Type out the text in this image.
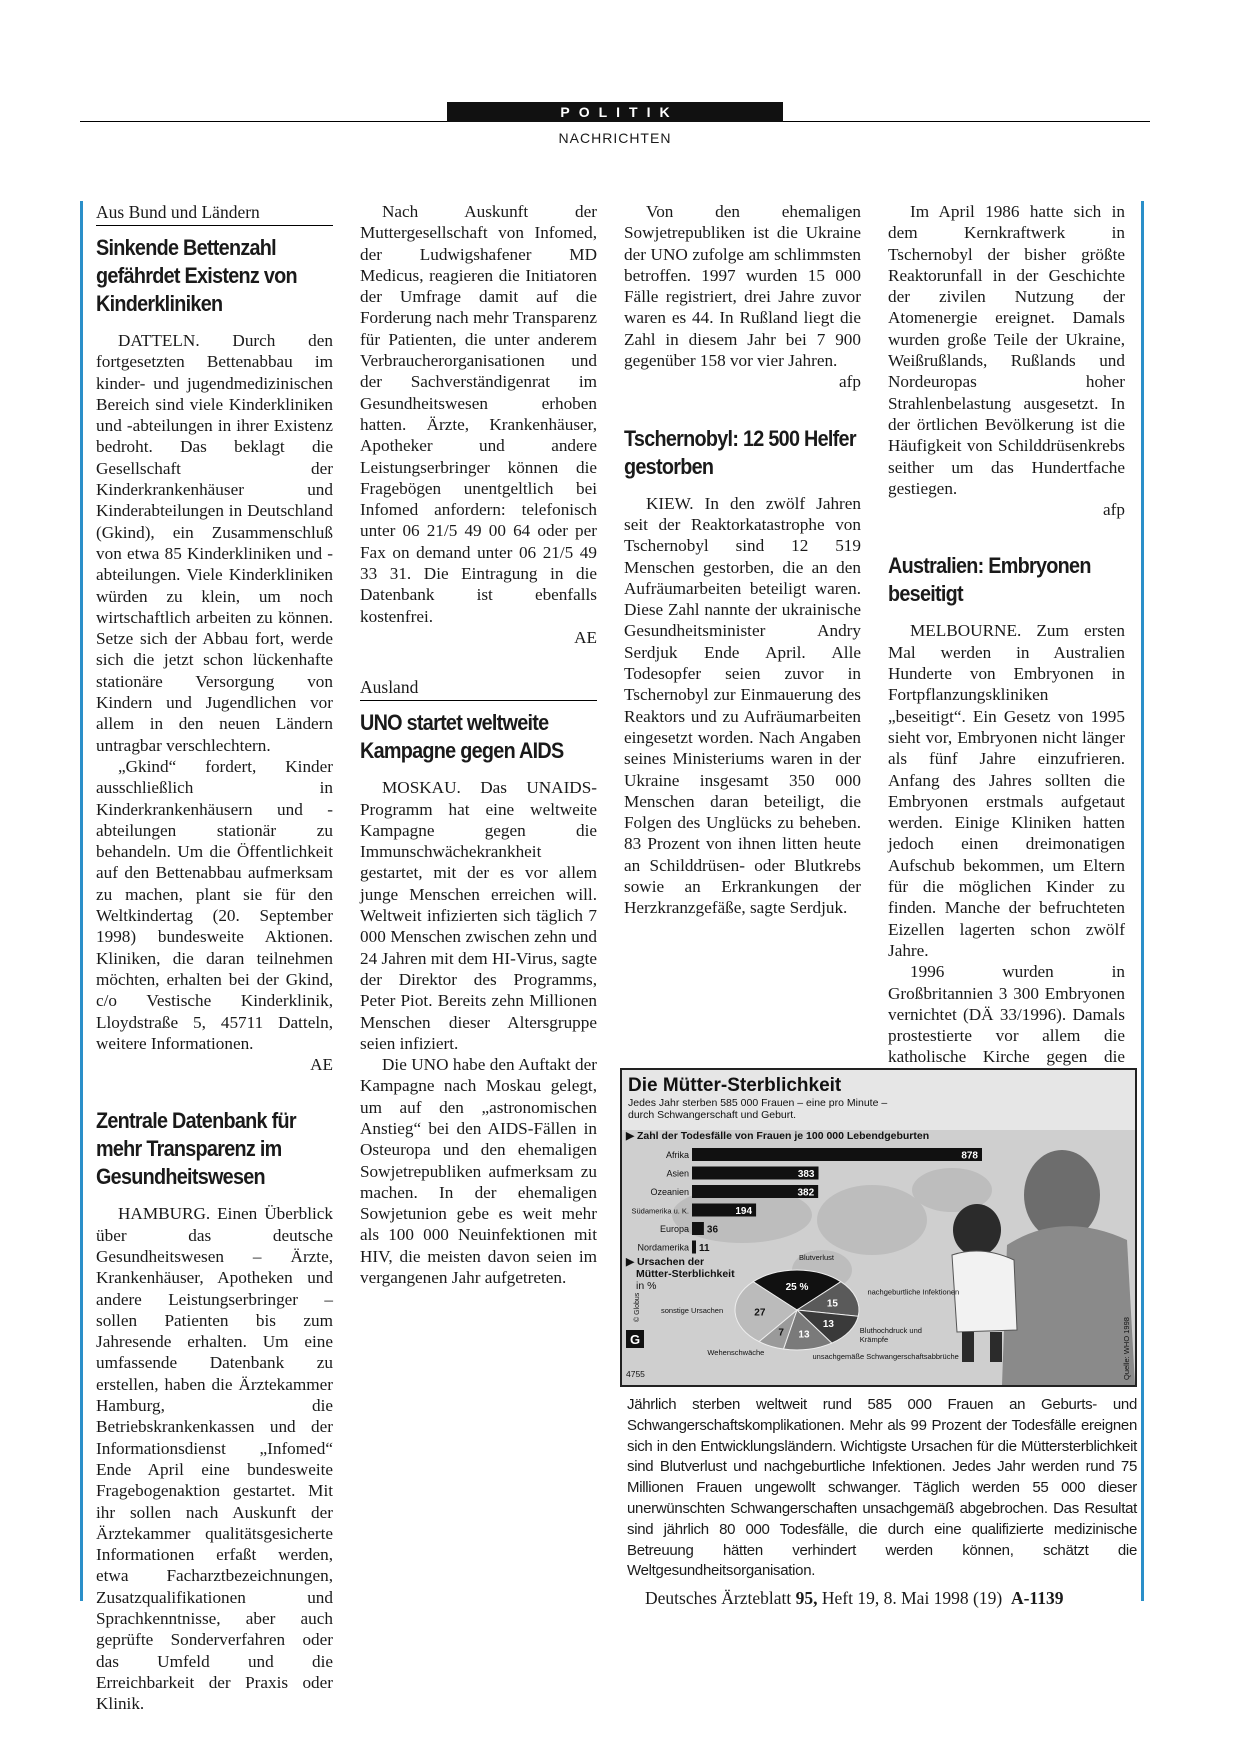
POLITIK
NACHRICHTEN
Aus Bund und Ländern
Sinkende Bettenzahl gefährdet Existenz von Kinderkliniken

DATTELN. Durch den fortgesetzten Bettenabbau im kinder- und jugendmedizinischen Bereich sind viele Kinderkliniken und -abteilungen in ihrer Existenz bedroht. Das beklagt die Gesellschaft der Kinderkrankenhäuser und Kinderabteilungen in Deutschland (Gkind), ein Zusammenschluß von etwa 85 Kinderkliniken und -abteilungen. Viele Kinderkliniken würden zu klein, um noch wirtschaftlich arbeiten zu können. Setze sich der Abbau fort, werde sich die jetzt schon lückenhafte stationäre Versorgung von Kindern und Jugendlichen vor allem in den neuen Ländern untragbar verschlechtern.

„Gkind“ fordert, Kinder ausschließlich in Kinderkrankenhäusern und -abteilungen stationär zu behandeln. Um die Öffentlichkeit auf den Bettenabbau aufmerksam zu machen, plant sie für den Weltkindertag (20. September 1998) bundesweite Aktionen. Kliniken, die daran teilnehmen möchten, erhalten bei der Gkind, c/o Vestische Kinderklinik, Lloydstraße 5, 45711 Datteln, weitere Informationen.

AE

Zentrale Datenbank für mehr Transparenz im Gesundheitswesen

HAMBURG. Einen Überblick über das deutsche Gesundheitswesen – Ärzte, Krankenhäuser, Apotheken und andere Leistungserbringer – sollen Patienten bis zum Jahresende erhalten. Um eine umfassende Datenbank zu erstellen, haben die Ärztekammer Hamburg, die Betriebskrankenkassen und der Informationsdienst „Infomed“ Ende April eine bundesweite Fragebogenaktion gestartet. Mit ihr sollen nach Auskunft der Ärztekammer qualitätsgesicherte Informationen erfaßt werden, etwa Facharztbezeichnungen, Zusatzqualifikationen und Sprachkenntnisse, aber auch geprüfte Sonderverfahren oder das Umfeld und die Erreichbarkeit der Praxis oder Klinik.

Nach Auskunft der Muttergesellschaft von Infomed, der Ludwigshafener MD Medicus, reagieren die Initiatoren der Umfrage damit auf die Forderung nach mehr Transparenz für Patienten, die unter anderem Verbraucherorganisationen und der Sachverständigenrat im Gesundheitswesen erhoben hatten. Ärzte, Krankenhäuser, Apotheker und andere Leistungserbringer können die Fragebögen unentgeltlich bei Infomed anfordern: telefonisch unter 06 21/5 49 00 64 oder per Fax on demand unter 06 21/5 49 33 31. Die Eintragung in die Datenbank ist ebenfalls kostenfrei.

AE

Ausland
UNO startet weltweite Kampagne gegen AIDS

MOSKAU. Das UNAIDS-Programm hat eine weltweite Kampagne gegen die Immunschwächekrankheit gestartet, mit der es vor allem junge Menschen erreichen will. Weltweit infizierten sich täglich 7 000 Menschen zwischen zehn und 24 Jahren mit dem HI-Virus, sagte der Direktor des Programms, Peter Piot. Bereits zehn Millionen Menschen dieser Altersgruppe seien infiziert.

Die UNO habe den Auftakt der Kampagne nach Moskau gelegt, um auf den „astronomischen Anstieg“ bei den AIDS-Fällen in Osteuropa und den ehemaligen Sowjetrepubliken aufmerksam zu machen. In der ehemaligen Sowjetunion gebe es weit mehr als 100 000 Neuinfektionen mit HIV, die meisten davon seien im vergangenen Jahr aufgetreten.

Von den ehemaligen Sowjetrepubliken ist die Ukraine der UNO zufolge am schlimmsten betroffen. 1997 wurden 15 000 Fälle registriert, drei Jahre zuvor waren es 44. In Rußland liegt die Zahl in diesem Jahr bei 7 900 gegenüber 158 vor vier Jahren.

afp

Tschernobyl: 12 500 Helfer gestorben

KIEW. In den zwölf Jahren seit der Reaktorkatastrophe von Tschernobyl sind 12 519 Menschen gestorben, die an den Aufräumarbeiten beteiligt waren. Diese Zahl nannte der ukrainische Gesundheitsminister Andry Serdjuk Ende April. Alle Todesopfer seien zuvor in Tschernobyl zur Einmauerung des Reaktors und zu Aufräumarbeiten eingesetzt worden. Nach Angaben seines Ministeriums waren in der Ukraine insgesamt 350 000 Menschen daran beteiligt, die Folgen des Unglücks zu beheben. 83 Prozent von ihnen litten heute an Schilddrüsen- oder Blutkrebs sowie an Erkrankungen der Herzkranzgefäße, sagte Serdjuk.

Im April 1986 hatte sich in dem Kernkraftwerk in Tschernobyl der bisher größte Reaktorunfall in der Geschichte der zivilen Nutzung der Atomenergie ereignet. Damals wurden große Teile der Ukraine, Weißrußlands, Rußlands und Nordeuropas hoher Strahlenbelastung ausgesetzt. In der örtlichen Bevölkerung ist die Häufigkeit von Schilddrüsenkrebs seither um das Hundertfache gestiegen.

afp

Australien: Embryonen beseitigt

MELBOURNE. Zum ersten Mal werden in Australien Hunderte von Embryonen in Fortpflanzungskliniken „beseitigt“. Ein Gesetz von 1995 sieht vor, Embryonen nicht länger als fünf Jahre einzufrieren. Anfang des Jahres sollten die Embryonen erstmals aufgetaut werden. Einige Kliniken hatten jedoch einen dreimonatigen Aufschub bekommen, um Eltern für die möglichen Kinder zu finden. Manche der befruchteten Eizellen lagerten schon zwölf Jahre.

1996 wurden in Großbritannien 3 300 Embryonen vernichtet (DÄ 33/1996). Damals prostestierte vor allem die katholische Kirche gegen die

Die Mütter-Sterblichkeit
Jedes Jahr sterben 585 000 Frauen – eine pro Minute –
durch Schwangerschaft und Geburt.
▶ Zahl der Todesfälle von Frauen je 100 000 Lebendgeburten
Afrika	878
Asien	383
Ozeanien	382
Südamerika u. K.	194
Europa 36
Nordamerika 11
▶ Ursachen der
Mütter-Sterblichkeit
in %	25 %
Blutverlust
15
nachgeburtliche Infektionen
13
Bluthochdruck und
Krämpfe
13
unsachgemäße Schwangerschaftsabbrüche
7
Wehenschwäche
27
sonstige Ursachen
G
© Globus
4755	Quelle: WHO 1998
Jährlich sterben weltweit rund 585 000 Frauen an Geburts- und Schwangerschaftskomplikationen. Mehr als 99 Prozent der Todesfälle ereignen sich in den Entwicklungsländern. Wichtigste Ursachen für die Müttersterblichkeit sind Blutverlust und nachgeburtliche Infektionen. Jedes Jahr werden rund 75 Millionen Frauen ungewollt schwanger. Täglich werden 55 000 dieser unerwünschten Schwangerschaften unsachgemäß abgebrochen. Das Resultat sind jährlich 80 000 Todesfälle, die durch eine qualifizierte medizinische Betreuung hätten verhindert werden können, schätzt die Weltgesundheitsorganisation.
Deutsches Ärzteblatt 95, Heft 19, 8. Mai 1998 (19) A-1139
